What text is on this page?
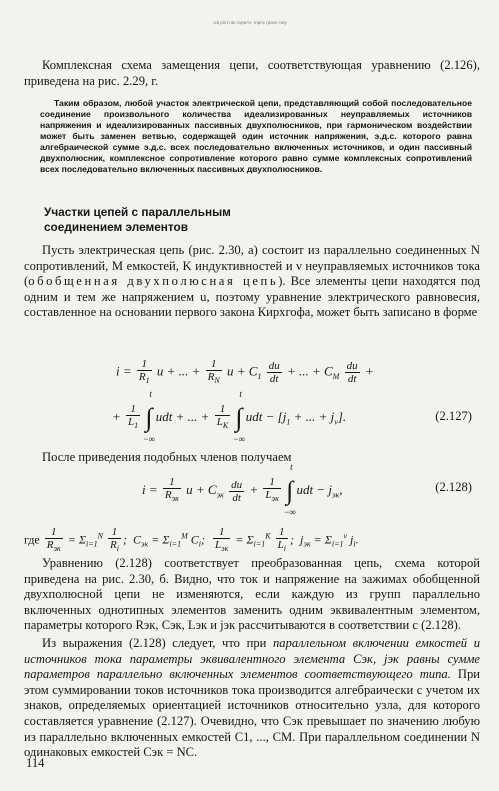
Ua pnrr.ntu cvpeAv  Inpnc rpavv cnty

Комплексная схема замещения цепи, соответствующая уравнению (2.126), приведена на рис. 2.29, г.

Таким образом, любой участок электрической цепи, представляющий собой последовательное соединение произвольного количества идеализированных неуправляемых источников напряжения и идеализированных пассивных двухполюсников, при гармоническом воздействии может быть заменен ветвью, содержащей один источник напряжения, э.д.с. которого равна алгебраической сумме э.д.с. всех последовательно включенных источников, и один пассивный двухполюсник, комплексное сопротивление которого равно сумме комплексных сопротивлений всех последовательно включенных пассивных двухполюсников.

Участки цепей с параллельным
соединением элементов

Пусть электрическая цепь (рис. 2.30, а) состоит из параллельно соединенных N сопротивлений, M емкостей, K индуктивностей и ν неуправляемых источников тока (обобщенная двухполюсная цепь). Все элементы цепи находятся под одним и тем же напряжением u, поэтому уравнение электрического равновесия, составленное на основании первого закона Кирхгофа, может быть записано в форме

$i = \frac{1}{R_1}$ u + ... + $\frac{1}{R_N}$ $u + C_1 \frac{du}{dt}$ + ... + $C_M \frac{du}{dt}$ +
+ $\frac{1}{L_1}$ ∫
t
−∞
udt + ... + $\frac{1}{L_K}$ ∫
t
−∞
udt − [$j_1$ + ... + $j_\nu$].	(2.127)

После приведения подобных членов получаем

$i = \frac{1}{R_{эк}}$ $u + C_{эк} \frac{du}{dt} + \frac{1}{L_{эк}}$ ∫
t
−∞
udt − $j_{эк}$,	(2.128)
где $\frac{1}{R_{эк}} = \Sigma_{i=1}^N \frac{1}{R_i}$ ;  $C_{эк} = \Sigma_{i=1}^M$ $C_i$; $\frac{1}{L_{эк}} = \Sigma_{i=1}^K \frac{1}{L_i}$ ;  $j_{эк} = \Sigma_{i=1}^\nu$ $j_i$.

Уравнению (2.128) соответствует преобразованная цепь, схема которой приведена на рис. 2.30, б. Видно, что ток и напряжение на зажимах обобщенной двухполюсной цепи не изменяются, если каждую из групп параллельно включенных однотипных элементов заменить одним эквивалентным элементом, параметры которого Rэк, Cэк, Lэк и jэк рассчитываются в соответствии с (2.128).

Из выражения (2.128) следует, что при параллельном включении емкостей и источников тока параметры эквивалентного элемента Cэк, jэк равны сумме параметров параллельно включенных элементов соответствующего типа. При этом суммировании токов источников тока производится алгебраически с учетом их знаков, определяемых ориентацией источников относительно узла, для которого составляется уравнение (2.127). Очевидно, что Cэк превышает по значению любую из параллельно включенных емкостей C1, ..., CM. При параллельном соединении N одинаковых емкостей Cэк = NC.

114
